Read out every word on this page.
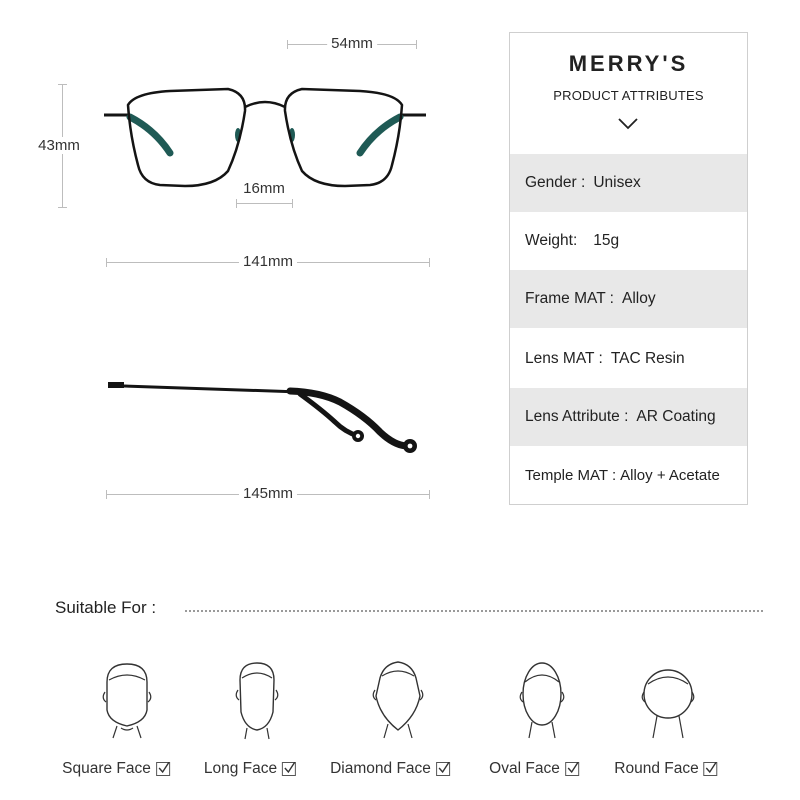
54mm
43mm
16mm
141mm
145mm
MERRY'S
PRODUCT ATTRIBUTES
Gender : Unisex
Weight: 15g
Frame MAT : Alloy
Lens MAT : TAC Resin
Lens Attribute : AR Coating
Temple MAT : Alloy + Acetate
Suitable For :
Square Face	Long Face	Diamond Face	Oval Face	Round Face
